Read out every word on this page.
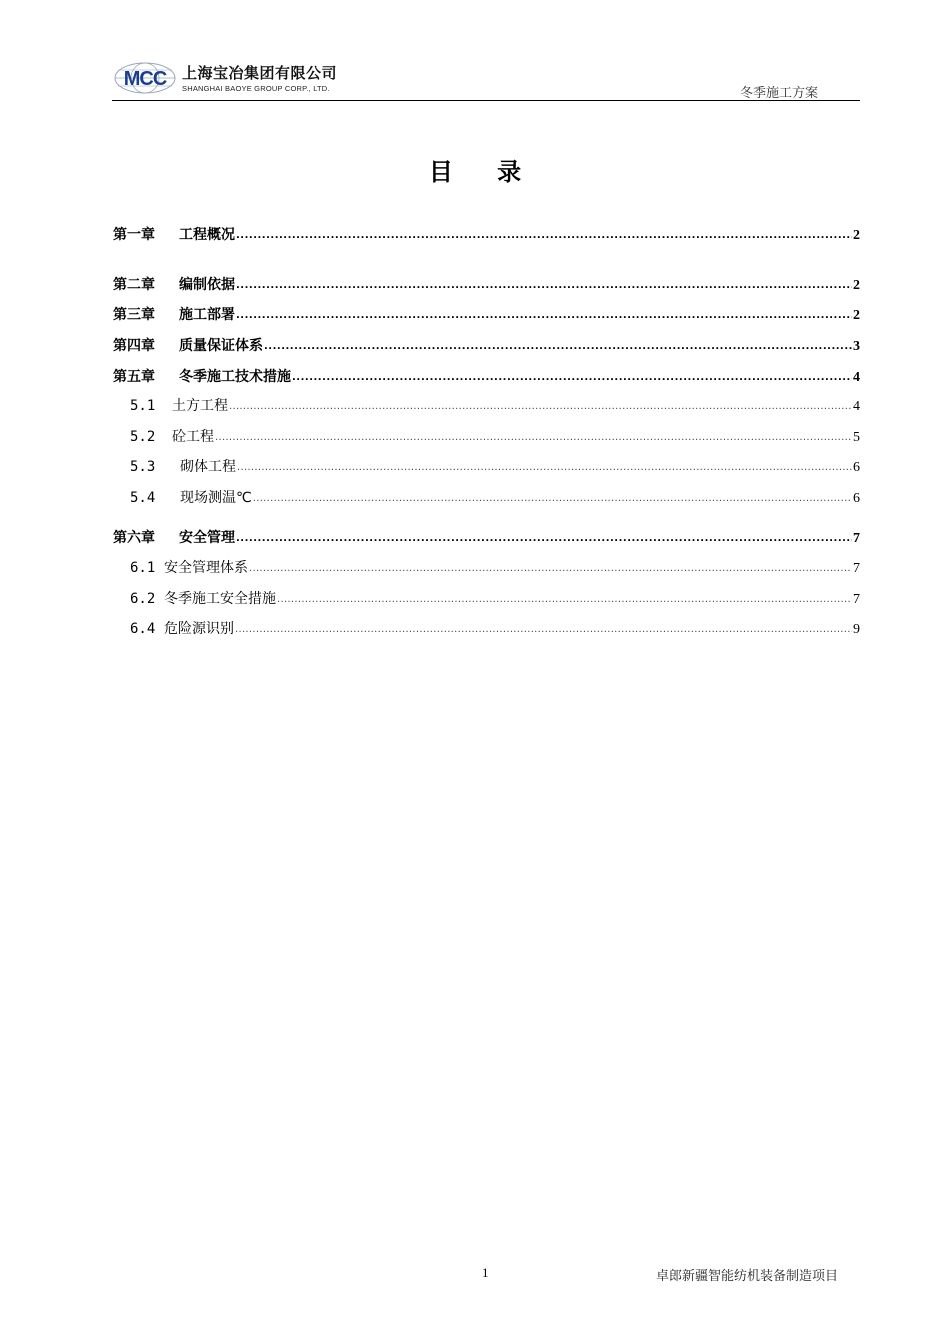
MCC 上海宝冶集团有限公司
SHANGHAI BAOYE GROUP CORP., LTD.	冬季施工方案
目 录
第一章 工程概况 .....	2
第二章 编制依据 .....	2
第三章 施工部署 .....	2
第四章 质量保证体系 .....	3
第五章 冬季施工技术措施 .....	4
5.1 土方工程 .....	4
5.2 砼工程 .....	5
5.3 砌体工程 .....	6
5.4 现场测温℃ .....	6
第六章 安全管理 .....	7
6.1 安全管理体系 .....	7
6.2 冬季施工安全措施 .....	7
6.4 危险源识别 .....	9
1	卓郎新疆智能纺机装备制造项目
